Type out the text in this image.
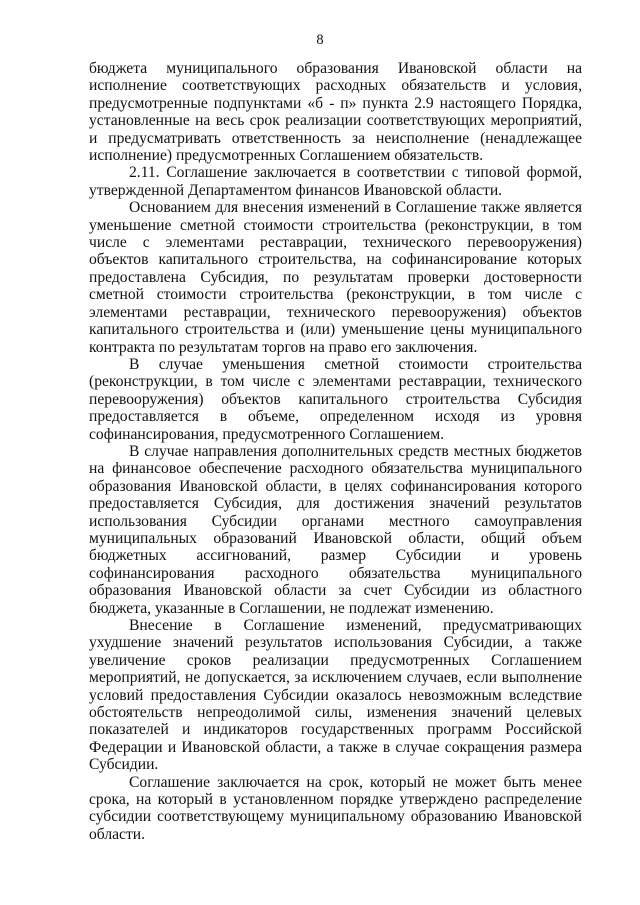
8

бюджета муниципального образования Ивановской области на исполнение соответствующих расходных обязательств и условия, предусмотренные подпунктами «б - п» пункта 2.9 настоящего Порядка, установленные на весь срок реализации соответствующих мероприятий, и предусматривать ответственность за неисполнение (ненадлежащее исполнение) предусмотренных Соглашением обязательств.

2.11. Соглашение заключается в соответствии с типовой формой, утвержденной Департаментом финансов Ивановской области.

Основанием для внесения изменений в Соглашение также является уменьшение сметной стоимости строительства (реконструкции, в том числе с элементами реставрации, технического перевооружения) объектов капитального строительства, на софинансирование которых предоставлена Субсидия, по результатам проверки достоверности сметной стоимости строительства (реконструкции, в том числе с элементами реставрации, технического перевооружения) объектов капитального строительства и (или) уменьшение цены муниципального контракта по результатам торгов на право его заключения.

В случае уменьшения сметной стоимости строительства (реконструкции, в том числе с элементами реставрации, технического перевооружения) объектов капитального строительства Субсидия предоставляется в объеме, определенном исходя из уровня софинансирования, предусмотренного Соглашением.

В случае направления дополнительных средств местных бюджетов на финансовое обеспечение расходного обязательства муниципального образования Ивановской области, в целях софинансирования которого предоставляется Субсидия, для достижения значений результатов использования Субсидии органами местного самоуправления муниципальных образований Ивановской области, общий объем бюджетных ассигнований, размер Субсидии и уровень софинансирования расходного обязательства муниципального образования Ивановской области за счет Субсидии из областного бюджета, указанные в Соглашении, не подлежат изменению.

Внесение в Соглашение изменений, предусматривающих ухудшение значений результатов использования Субсидии, а также увеличение сроков реализации предусмотренных Соглашением мероприятий, не допускается, за исключением случаев, если выполнение условий предоставления Субсидии оказалось невозможным вследствие обстоятельств непреодолимой силы, изменения значений целевых показателей и индикаторов государственных программ Российской Федерации и Ивановской области, а также в случае сокращения размера Субсидии.

Соглашение заключается на срок, который не может быть менее срока, на который в установленном порядке утверждено распределение субсидии соответствующему муниципальному образованию Ивановской области.
